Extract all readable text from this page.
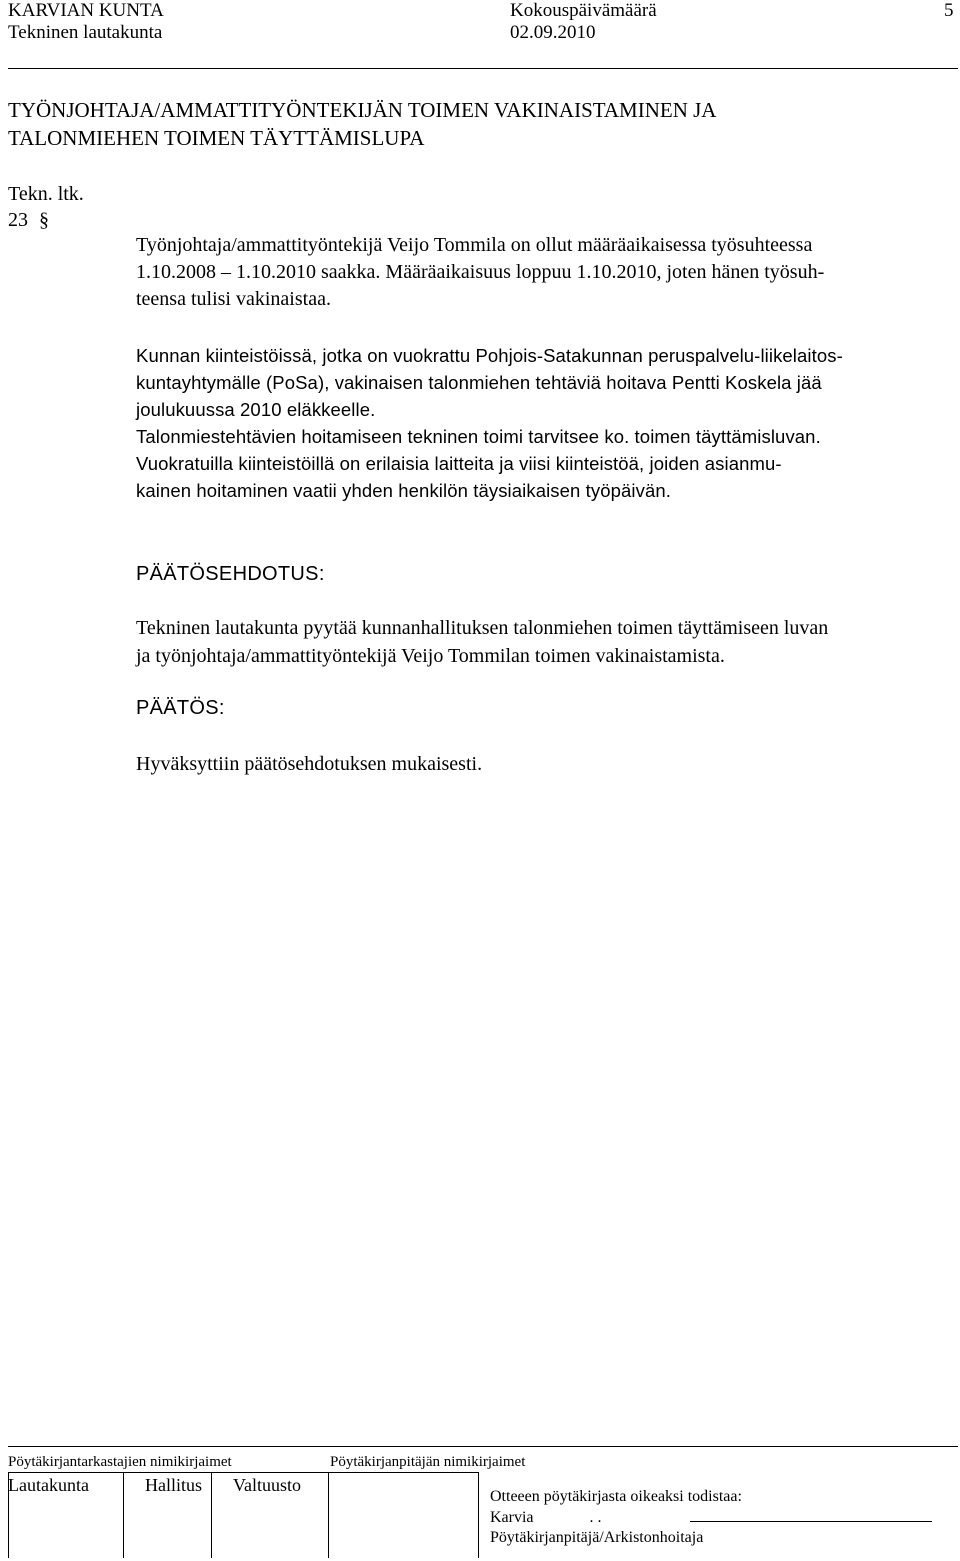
KARVIAN KUNTA	Kokouspäivämäärä	5
Tekninen lautakunta	02.09.2010
TYÖNJOHTAJA/AMMATTITYÖNTEKIJÄN TOIMEN VAKINAISTAMINEN JA
TALONMIEHEN TOIMEN TÄYTTÄMISLUPA
Tekn. ltk.
23 §
Työnjohtaja/ammattityöntekijä Veijo Tommila on ollut määräaikaisessa työsuhteessa
1.10.2008 – 1.10.2010 saakka. Määräaikaisuus loppuu 1.10.2010, joten hänen työsuh-
teensa tulisi vakinaistaa.
Kunnan kiinteistöissä, jotka on vuokrattu Pohjois-Satakunnan peruspalvelu-liikelaitos-
kuntayhtymälle (PoSa), vakinaisen talonmiehen tehtäviä hoitava Pentti Koskela jää
joulukuussa 2010 eläkkeelle.
Talonmiestehtävien hoitamiseen tekninen toimi tarvitsee ko. toimen täyttämisluvan.
Vuokratuilla kiinteistöillä on erilaisia laitteita ja viisi kiinteistöä, joiden asianmu-
kainen hoitaminen vaatii yhden henkilön täysiaikaisen työpäivän.
PÄÄTÖSEHDOTUS:
Tekninen lautakunta pyytää kunnanhallituksen talonmiehen toimen täyttämiseen luvan
ja työnjohtaja/ammattityöntekijä Veijo Tommilan toimen vakinaistamista.
PÄÄTÖS:
Hyväksyttiin päätösehdotuksen mukaisesti.
Pöytäkirjantarkastajien nimikirjaimet	Pöytäkirjanpitäjän nimikirjaimet
Lautakunta	Hallitus Valtuusto
Otteeen pöytäkirjasta oikeaksi todistaa:
Karvia	. .
Pöytäkirjanpitäjä/Arkistonhoitaja
